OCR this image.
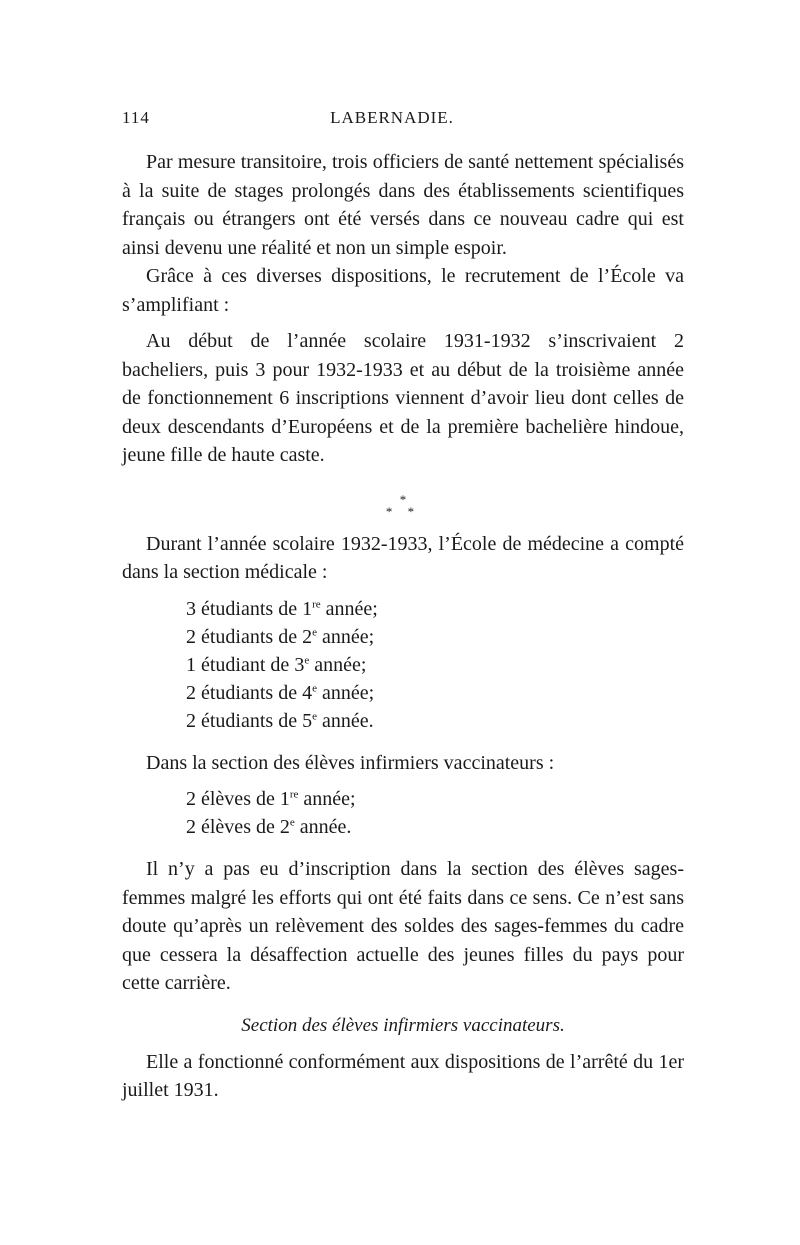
114	LABERNADIE.

Par mesure transitoire, trois officiers de santé nettement spécialisés à la suite de stages prolongés dans des établissements scientifiques français ou étrangers ont été versés dans ce nouveau cadre qui est ainsi devenu une réalité et non un simple espoir.

Grâce à ces diverses dispositions, le recrutement de l’École va s’amplifiant :

Au début de l’année scolaire 1931-1932 s’inscrivaient 2 bacheliers, puis 3 pour 1932-1933 et au début de la troisième année de fonctionnement 6 inscriptions viennent d’avoir lieu dont celles de deux descendants d’Européens et de la première bachelière hindoue, jeune fille de haute caste.

*
* *

Durant l’année scolaire 1932-1933, l’École de médecine a compté dans la section médicale :

3 étudiants de 1re année;
2 étudiants de 2e année;
1 étudiant de 3e année;
2 étudiants de 4e année;
2 étudiants de 5e année.

Dans la section des élèves infirmiers vaccinateurs :

2 élèves de 1re année;
2 élèves de 2e année.

Il n’y a pas eu d’inscription dans la section des élèves sages-femmes malgré les efforts qui ont été faits dans ce sens. Ce n’est sans doute qu’après un relèvement des soldes des sages-femmes du cadre que cessera la désaffection actuelle des jeunes filles du pays pour cette carrière.

Section des élèves infirmiers vaccinateurs.

Elle a fonctionné conformément aux dispositions de l’arrêté du 1er juillet 1931.
